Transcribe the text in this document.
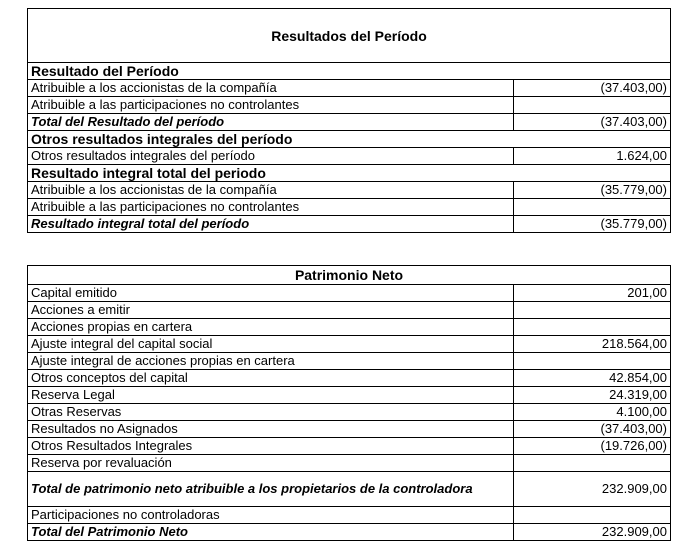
Resultados del Período	
Resultado del Período	
Atribuible a los accionistas de la compañía	(37.403,00)
Atribuible a las participaciones no controlantes	
Total del Resultado del período	(37.403,00)
Otros resultados integrales del período	
Otros resultados integrales del período	1.624,00
Resultado integral total del periodo	
Atribuible a los accionistas de la compañía	(35.779,00)
Atribuible a las participaciones no controlantes	
Resultado integral total del período	(35.779,00)
Patrimonio Neto	
Capital emitido	201,00
Acciones a emitir	
Acciones propias en cartera	
Ajuste integral del capital social	218.564,00
Ajuste integral de acciones propias en cartera	
Otros conceptos del capital	42.854,00
Reserva Legal	24.319,00
Otras Reservas	4.100,00
Resultados no Asignados	(37.403,00)
Otros Resultados Integrales	(19.726,00)
Reserva por revaluación	
Total de patrimonio neto atribuible a los propietarios de la controladora	232.909,00
Participaciones no controladoras	
Total del Patrimonio Neto	232.909,00
